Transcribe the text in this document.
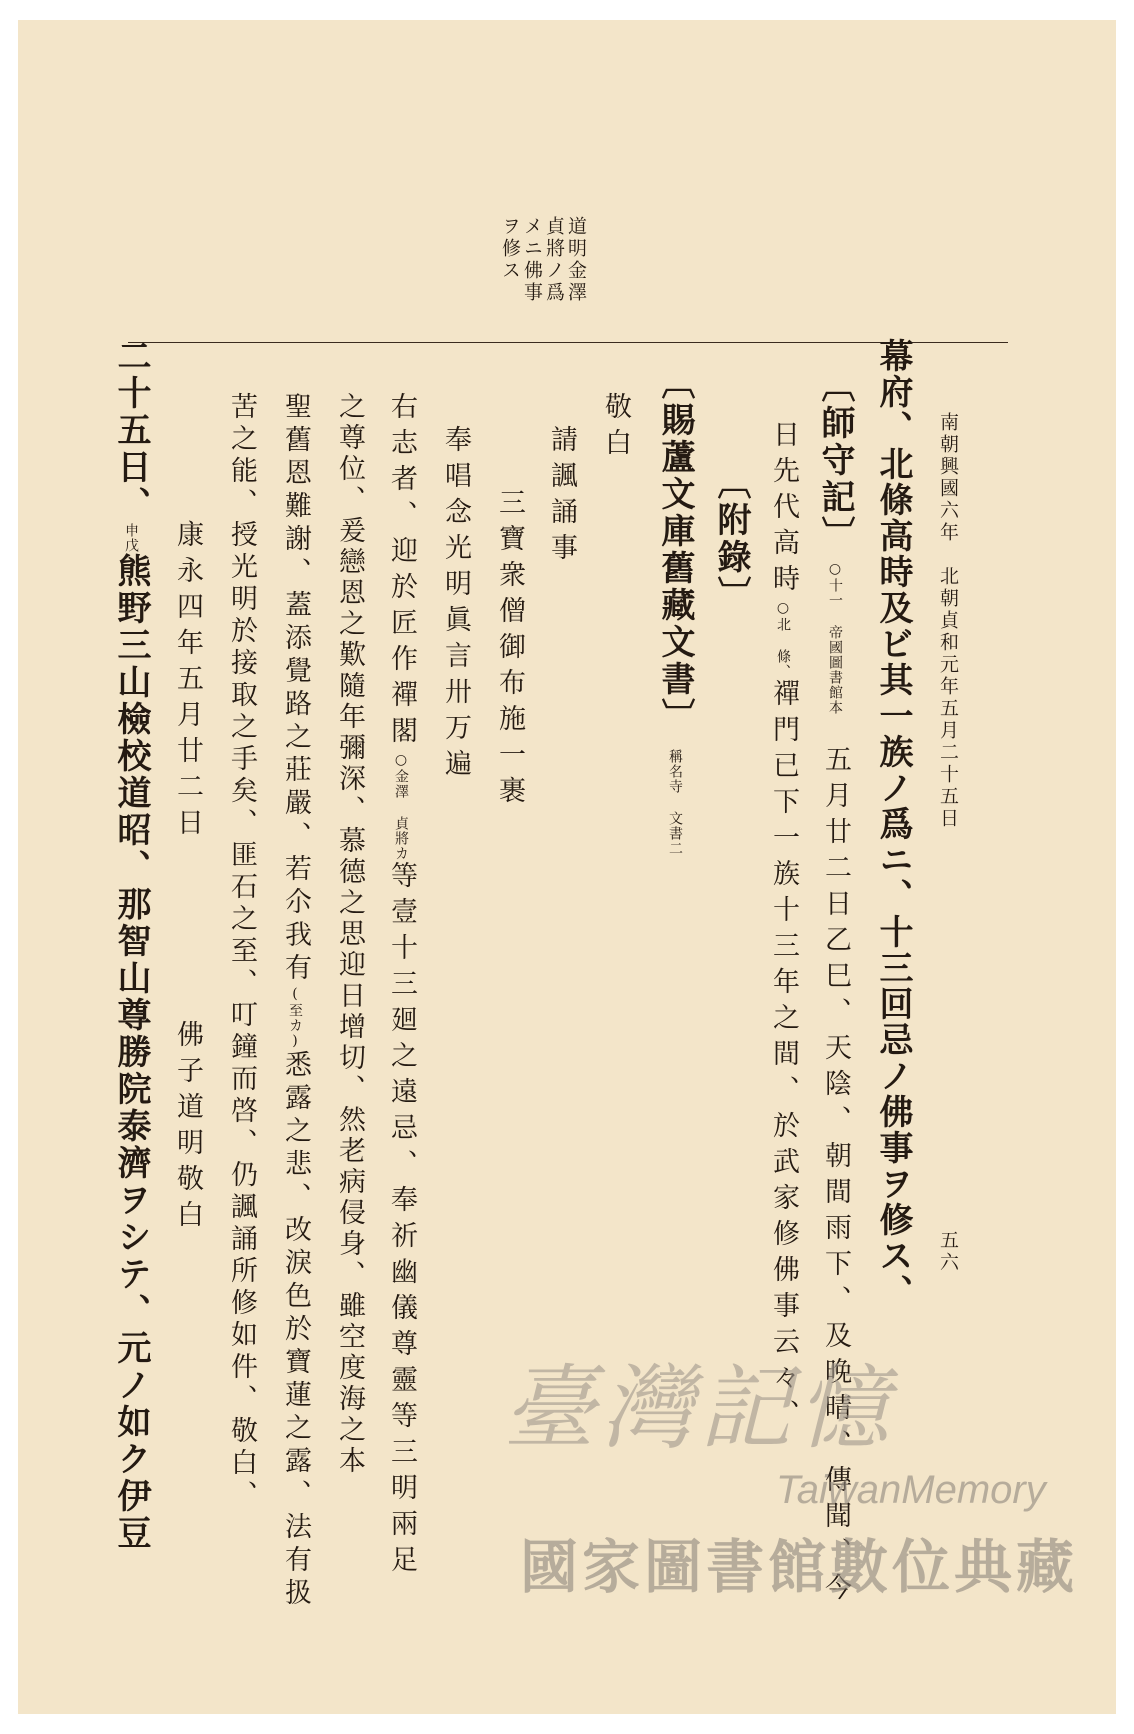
南朝興國六年　北朝貞和元年五月二十五日
五六
道明金澤
貞將ノ爲
メニ佛事
ヲ修ス
幕府、北條高時及ビ其一族ノ爲ニ、十三回忌ノ佛事ヲ修ス、
〔師守記〕○十一 帝國圖書館本五月廿二日乙巳、天陰、朝間雨下、及晚晴、傳聞、今
日先代高時○北 條、禪門已下一族十三年之間、於武家修佛事云々、
〔附錄〕
〔賜蘆文庫舊藏文書〕稱名寺 文書二
敬白
請諷誦事
三寶衆僧御布施一裹
奉唱念光明眞言卅万遍
右志者、迎於匠作禪閣○金澤 貞將カ等壹十三廻之遠忌、奉祈幽儀尊靈等三明兩足
之尊位、爰戀恩之歎隨年彌深、慕德之思迎日增切、然老病侵身、雖空度海之本
聖舊恩難謝、蓋添覺路之莊嚴、若尒我有(至カ)悉露之悲、改淚色於寶蓮之露、法有扱
苦之能、授光明於接取之手矣、匪石之至、叮鐘而啓、仍諷誦所修如件、敬白、
康永四年五月廿二日
佛子道明敬白
二十五日、申戊熊野三山檢校道昭、那智山尊勝院泰濟ヲシテ、元ノ如ク伊豆	臺灣記憶
TaiwanMemory
國家圖書館數位典藏
